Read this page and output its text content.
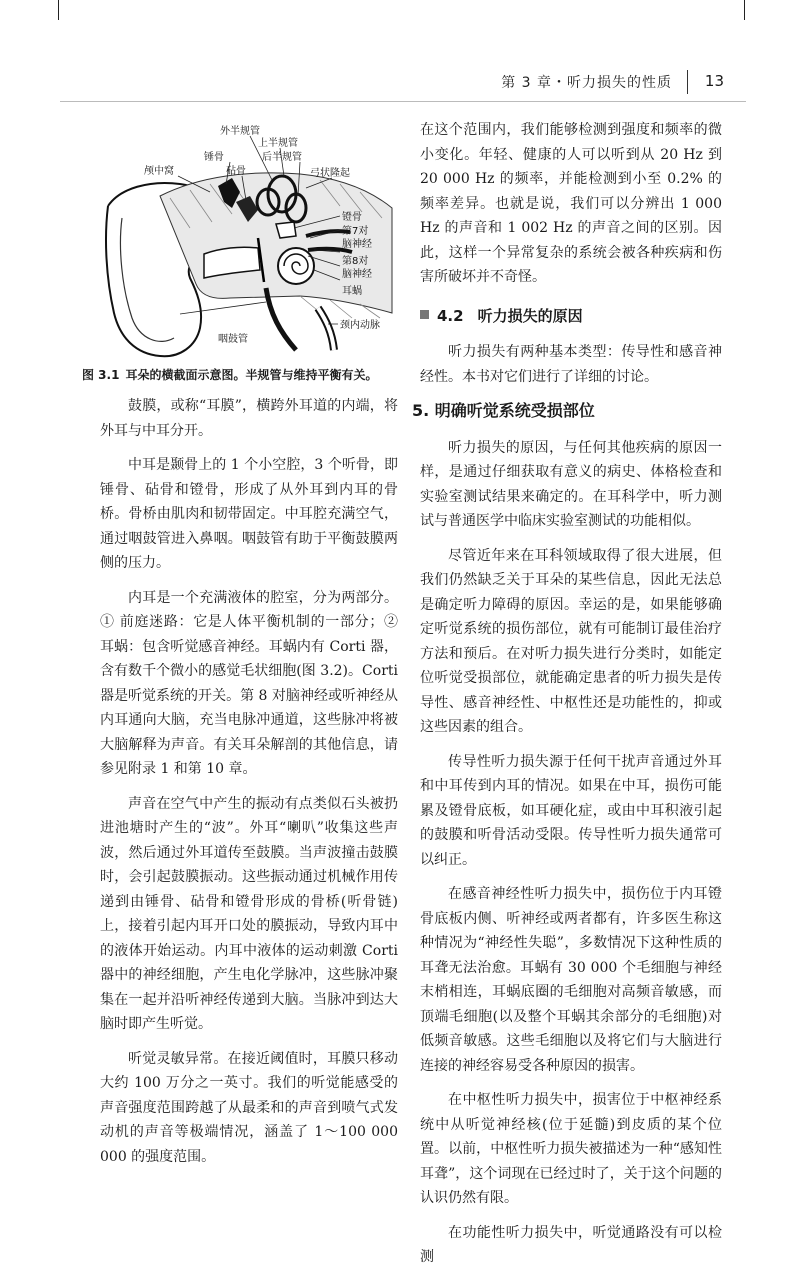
第 3 章・听力损失的性质 13
外半规管
上半规管
锤骨
砧骨
后半规管
弓状隆起
颅中窝
镫骨
第7对
脑神经
第8对
脑神经
耳蜗
颈内动脉
咽鼓管
图 3.1 耳朵的横截面示意图。半规管与维持平衡有关。

鼓膜，或称“耳膜”，横跨外耳道的内端，将外耳与中耳分开。

中耳是颞骨上的 1 个小空腔，3 个听骨，即锤骨、砧骨和镫骨，形成了从外耳到内耳的骨桥。骨桥由肌肉和韧带固定。中耳腔充满空气，通过咽鼓管进入鼻咽。咽鼓管有助于平衡鼓膜两侧的压力。

内耳是一个充满液体的腔室，分为两部分。① 前庭迷路：它是人体平衡机制的一部分；② 耳蜗：包含听觉感音神经。耳蜗内有 Corti 器，含有数千个微小的感觉毛状细胞(图 3.2)。Corti 器是听觉系统的开关。第 8 对脑神经或听神经从内耳通向大脑，充当电脉冲通道，这些脉冲将被大脑解释为声音。有关耳朵解剖的其他信息，请参见附录 1 和第 10 章。

声音在空气中产生的振动有点类似石头被扔进池塘时产生的“波”。外耳“喇叭”收集这些声波，然后通过外耳道传至鼓膜。当声波撞击鼓膜时，会引起鼓膜振动。这些振动通过机械作用传递到由锤骨、砧骨和镫骨形成的骨桥(听骨链)上，接着引起内耳开口处的膜振动，导致内耳中的液体开始运动。内耳中液体的运动刺激 Corti 器中的神经细胞，产生电化学脉冲，这些脉冲聚集在一起并沿听神经传递到大脑。当脉冲到达大脑时即产生听觉。

听觉灵敏异常。在接近阈值时，耳膜只移动大约 100 万分之一英寸。我们的听觉能感受的声音强度范围跨越了从最柔和的声音到喷气式发动机的声音等极端情况，涵盖了 1～100 000 000 的强度范围。

在这个范围内，我们能够检测到强度和频率的微小变化。年轻、健康的人可以听到从 20 Hz 到 20 000 Hz 的频率，并能检测到小至 0.2% 的频率差异。也就是说，我们可以分辨出 1 000 Hz 的声音和 1 002 Hz 的声音之间的区别。因此，这样一个异常复杂的系统会被各种疾病和伤害所破坏并不奇怪。

4.2 听力损失的原因

听力损失有两种基本类型：传导性和感音神经性。本书对它们进行了详细的讨论。

5. 明确听觉系统受损部位

听力损失的原因，与任何其他疾病的原因一样，是通过仔细获取有意义的病史、体格检查和实验室测试结果来确定的。在耳科学中，听力测试与普通医学中临床实验室测试的功能相似。

尽管近年来在耳科领域取得了很大进展，但我们仍然缺乏关于耳朵的某些信息，因此无法总是确定听力障碍的原因。幸运的是，如果能够确定听觉系统的损伤部位，就有可能制订最佳治疗方法和预后。在对听力损失进行分类时，如能定位听觉受损部位，就能确定患者的听力损失是传导性、感音神经性、中枢性还是功能性的，抑或这些因素的组合。

传导性听力损失源于任何干扰声音通过外耳和中耳传到内耳的情况。如果在中耳，损伤可能累及镫骨底板，如耳硬化症，或由中耳积液引起的鼓膜和听骨活动受限。传导性听力损失通常可以纠正。

在感音神经性听力损失中，损伤位于内耳镫骨底板内侧、听神经或两者都有，许多医生称这种情况为“神经性失聪”，多数情况下这种性质的耳聋无法治愈。耳蜗有 30 000 个毛细胞与神经末梢相连，耳蜗底圈的毛细胞对高频音敏感，而顶端毛细胞(以及整个耳蜗其余部分的毛细胞)对低频音敏感。这些毛细胞以及将它们与大脑进行连接的神经容易受各种原因的损害。

在中枢性听力损失中，损害位于中枢神经系统中从听觉神经核(位于延髓)到皮质的某个位置。以前，中枢性听力损失被描述为一种“感知性耳聋”，这个词现在已经过时了，关于这个问题的认识仍然有限。

在功能性听力损失中，听觉通路没有可以检测
